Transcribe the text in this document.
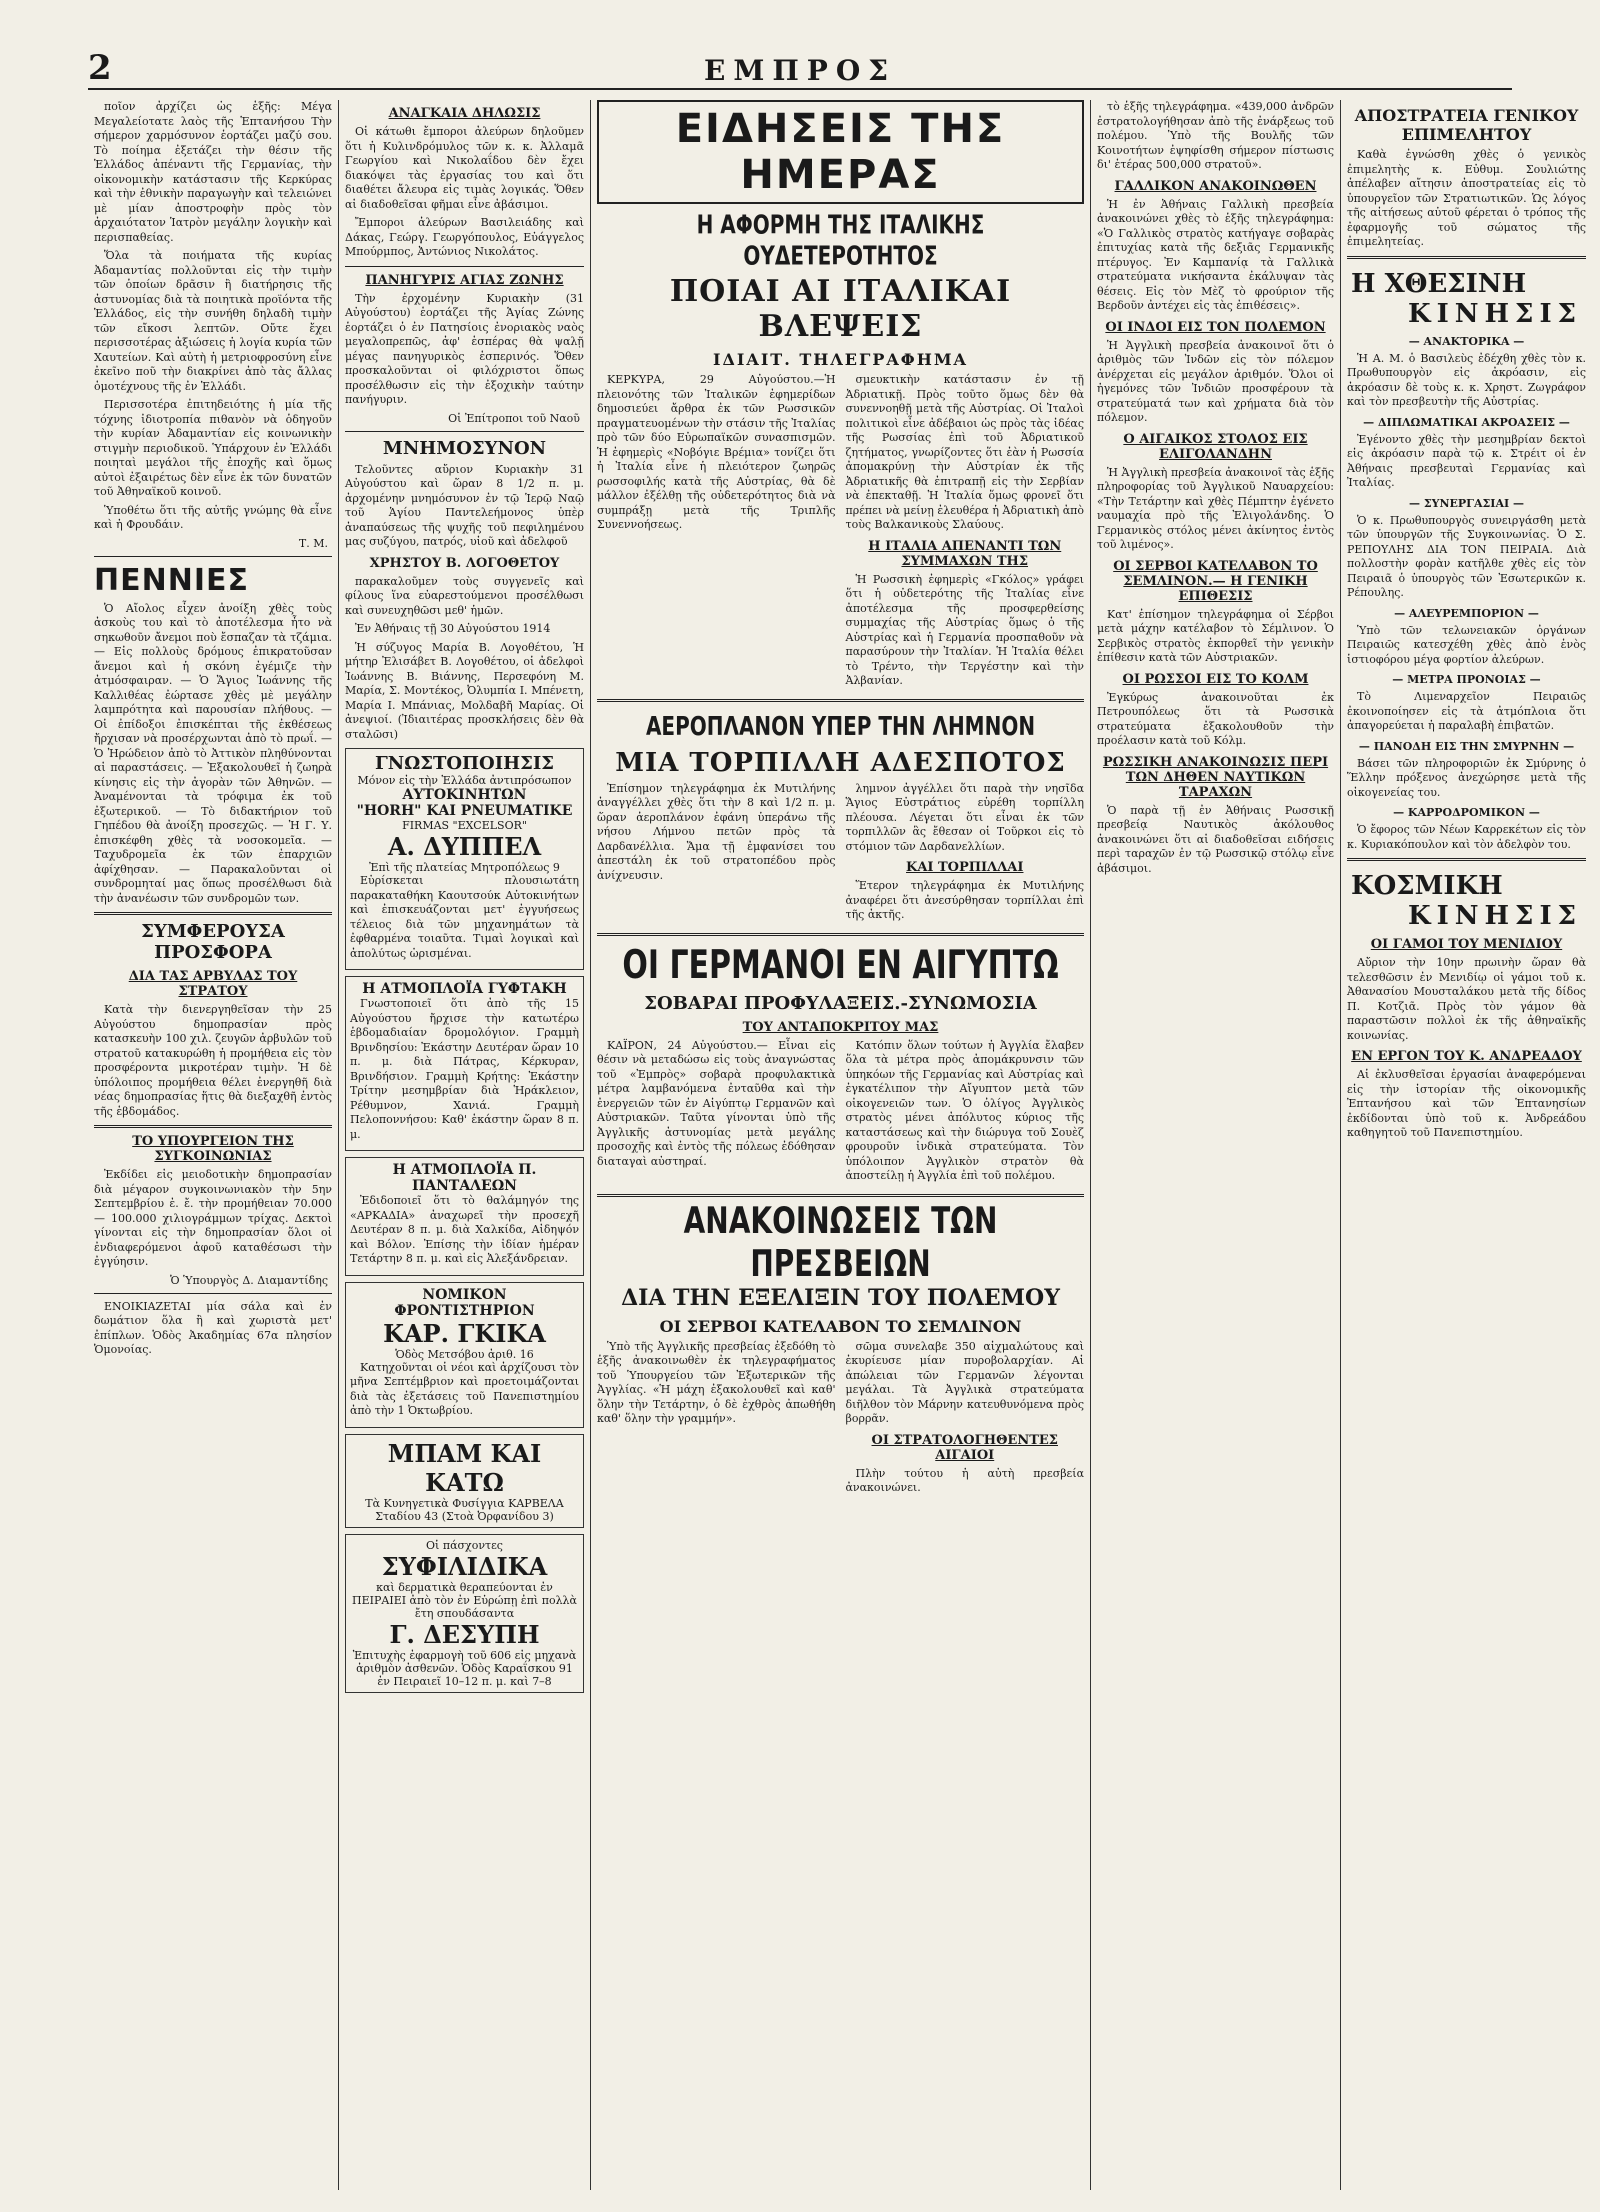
2	ΕΜΠΡΟΣ

ποῖον ἀρχίζει ὡς ἑξῆς: Μέγα Μεγαλείοτατε λαὸς τῆς Ἑπτανήσου Τὴν σήμερον χαρμόσυνον ἑορτάζει μαζύ σου. Τὸ ποίημα ἐξετάζει τὴν θέσιν τῆς Ἑλλάδος ἀπέναντι τῆς Γερμανίας, τὴν οἰκονομικὴν κατάστασιν τῆς Κερκύρας καὶ τὴν ἐθνικὴν παραγωγὴν καὶ τελειώνει μὲ μίαν ἀποστροφὴν πρὸς τὸν ἀρχαιότατον Ἱατρὸν μεγάλην λογικὴν καὶ περισπαθείας.

Ὅλα τὰ ποιήματα τῆς κυρίας Ἀδαμαντίας πολλοῦνται εἰς τὴν τιμὴν τῶν ὁποίων δρᾶσιν ἢ διατήρησις τῆς ἀστυνομίας διὰ τὰ ποιητικὰ προϊόντα τῆς Ἑλλάδος, εἰς τὴν συνήθη δηλαδὴ τιμὴν τῶν εἴκοσι λεπτῶν. Οὔτε ἔχει περισσοτέρας ἀξιώσεις ἡ λογία κυρία τῶν Χαυτείων. Καὶ αὐτὴ ἡ μετριοφροσύνη εἶνε ἐκεῖνο ποῦ τὴν διακρίνει ἀπὸ τὰς ἄλλας ὁμοτέχνους τῆς ἐν Ἑλλάδι.

Περισσοτέρα ἐπιτηδειότης ἡ μία τῆς τόχνης ἰδιοτροπία πιθανὸν νὰ ὁδηγοῦν τὴν κυρίαν Ἀδαμαντίαν εἰς κοινωνικὴν στιγμὴν περιοδικοῦ. Ὑπάρχουν ἐν Ἑλλάδι ποιηταὶ μεγάλοι τῆς ἐποχῆς καὶ ὅμως αὐτοὶ ἐξαιρέτως δὲν εἶνε ἐκ τῶν δυνατῶν τοῦ Ἀθηναϊκοῦ κοινοῦ.

Ὑποθέτω ὅτι τῆς αὐτῆς γνώμης θὰ εἶνε καὶ ἡ Φρουδάιν.

Τ. Μ.
ΠΕΝΝΙΕΣ

Ὁ Αἴολος εἶχεν ἀνοίξη χθὲς τοὺς ἀσκοὺς του καὶ τὸ ἀποτέλεσμα ἦτο νὰ σηκωθοῦν ἄνεμοι ποὺ ἔσπαζαν τὰ τζάμια. — Εἰς πολλοὺς δρόμους ἐπικρατοῦσαν ἄνεμοι καὶ ἡ σκόνη ἐγέμιζε τὴν ἀτμόσφαιραν. — Ὁ Ἅγιος Ἰωάννης τῆς Καλλιθέας ἐώρτασε χθὲς μὲ μεγάλην λαμπρότητα καὶ παρουσίαν πλήθους. — Οἱ ἐπίδοξοι ἐπισκέπται τῆς ἐκθέσεως ἤρχισαν νὰ προσέρχωνται ἀπὸ τὸ πρωΐ. — Ὁ Ἡρώδειον ἀπὸ τὸ Ἀττικὸν πληθύνονται αἱ παραστάσεις. — Ἐξακολουθεῖ ἡ ζωηρὰ κίνησις εἰς τὴν ἀγορὰν τῶν Ἀθηνῶν. — Ἀναμένονται τὰ τρόφιμα ἐκ τοῦ ἐξωτερικοῦ. — Τὸ διδακτήριον τοῦ Γηπέδου θὰ ἀνοίξη προσεχῶς. — Ἡ Γ. Υ. ἐπισκέφθη χθὲς τὰ νοσοκομεῖα. — Ταχυδρομεῖα ἐκ τῶν ἐπαρχιῶν ἀφίχθησαν. — Παρακαλοῦνται οἱ συνδρομηταί μας ὅπως προσέλθωσι διὰ τὴν ἀνανέωσιν τῶν συνδρομῶν των.

ΣΥΜΦΕΡΟΥΣΑ ΠΡΟΣΦΟΡΑ
ΔΙΑ ΤΑΣ ΑΡΒΥΛΑΣ ΤΟΥ ΣΤΡΑΤΟΥ

Κατὰ τὴν διενεργηθεῖσαν τὴν 25 Αὐγούστου δημοπρασίαν πρὸς κατασκευὴν 100 χιλ. ζευγῶν ἀρβυλῶν τοῦ στρατοῦ κατακυρώθη ἡ προμήθεια εἰς τὸν προσφέροντα μικροτέραν τιμὴν. Ἡ δὲ ὑπόλοιπος προμήθεια θέλει ἐνεργηθῆ διὰ νέας δημοπρασίας ἥτις θὰ διεξαχθῆ ἐντὸς τῆς ἑβδομάδος.

ΤΟ ΥΠΟΥΡΓΕΙΟΝ ΤΗΣ ΣΥΓΚΟΙΝΩΝΙΑΣ

Ἐκδίδει εἰς μειοδοτικὴν δημοπρασίαν διὰ μέγαρον συγκοινωνιακὸν τὴν 5ην Σεπτεμβρίου ἐ. ἔ. τὴν προμήθειαν 70.000 — 100.000 χιλιογράμμων τρίχας. Δεκτοὶ γίνονται εἰς τὴν δημοπρασίαν ὅλοι οἱ ἐνδιαφερόμενοι ἀφοῦ καταθέσωσι τὴν ἐγγύησιν.

Ὁ Ὑπουργὸς Δ. Διαμαντίδης

ΕΝΟΙΚΙΑΖΕΤΑΙ μία σάλα καὶ ἐν δωμάτιον ὅλα ἢ καὶ χωριστὰ μετ' ἐπίπλων. Ὁδὸς Ἀκαδημίας 67α πλησίον Ὁμονοίας.

ΑΝΑΓΚΑΙΑ ΔΗΛΩΣΙΣ

Οἱ κάτωθι ἔμποροι ἀλεύρων δηλοῦμεν ὅτι ἡ Κυλινδρόμυλος τῶν κ. κ. Ἀλλαμᾶ Γεωργίου καὶ Νικολαΐδου δὲν ἔχει διακόψει τὰς ἐργασίας του καὶ ὅτι διαθέτει ἄλευρα εἰς τιμὰς λογικάς. Ὅθεν αἱ διαδοθεῖσαι φῆμαι εἶνε ἀβάσιμοι.

Ἔμποροι ἀλεύρων Βασιλειάδης καὶ Δάκας, Γεώργ. Γεωργόπουλος, Εὐάγγελος Μπούρμπος, Ἀντώνιος Νικολάτος.

ΠΑΝΗΓΥΡΙΣ ΑΓΙΑΣ ΖΩΝΗΣ

Τὴν ἐρχομένην Κυριακὴν (31 Αὐγούστου) ἑορτάζει τῆς Ἁγίας Ζώνης ἑορτάζει ὁ ἐν Πατησίοις ἐνοριακὸς ναὸς μεγαλοπρεπῶς, ἀφ' ἑσπέρας θὰ ψαλῇ μέγας πανηγυρικὸς ἑσπερινός. Ὅθεν προσκαλοῦνται οἱ φιλόχριστοι ὅπως προσέλθωσιν εἰς τὴν ἐξοχικὴν ταύτην πανήγυριν.

Οἱ Ἐπίτροποι τοῦ Ναοῦ
ΜΝΗΜΟΣΥΝΟΝ

Τελοῦντες αὔριον Κυριακὴν 31 Αὐγούστου καὶ ὥραν 8 1/2 π. μ. ἀρχομένην μνημόσυνον ἐν τῷ Ἱερῷ Ναῷ τοῦ Ἁγίου Παντελεήμονος ὑπὲρ ἀναπαύσεως τῆς ψυχῆς τοῦ πεφιλημένου μας συζύγου, πατρός, υἱοῦ καὶ ἀδελφοῦ

ΧΡΗΣΤΟΥ Β. ΛΟΓΟΘΕΤΟΥ

παρακαλοῦμεν τοὺς συγγενεῖς καὶ φίλους ἵνα εὐαρεστούμενοι προσέλθωσι καὶ συνευχηθῶσι μεθ' ἡμῶν.

Ἐν Ἀθήναις τῇ 30 Αὐγούστου 1914

Ἡ σύζυγος Μαρία Β. Λογοθέτου, Ἡ μήτηρ Ἐλισάβετ Β. Λογοθέτου, οἱ ἀδελφοὶ Ἰωάννης Β. Βιάννης, Περσεφόνη Μ. Μαρία, Σ. Μοντέκος, Ὀλυμπία Ι. Μπένετη, Μαρία Ι. Μπάνιας, Μολδαβῆ Μαρίας. Οἱ ἀνεψιοί. (Ἰδιαιτέρας προσκλήσεις δὲν θὰ σταλῶσι)

ΓΝΩΣΤΟΠΟΙΗΣΙΣ
Μόνον εἰς τὴν Ἑλλάδα ἀντιπρόσωπον
ΑΥΤΟΚΙΝΗΤΩΝ
"HORH" ΚΑΙ PNEUMATIKE
FIRMAS "EXCELSOR"
Α. ΔΥΠΠΕΛ
Ἐπὶ τῆς πλατείας Μητροπόλεως 9

Εὑρίσκεται πλουσιωτάτη παρακαταθήκη Καουτσούκ Αὐτοκινήτων καὶ ἐπισκευάζονται μετ' ἐγγυήσεως τέλειος διὰ τῶν μηχανημάτων τὰ ἐφθαρμένα τοιαῦτα. Τιμαὶ λογικαὶ καὶ ἀπολύτως ὡρισμέναι.

Η ΑΤΜΟΠΛΟΪΑ ΓΥΦΤΑΚΗ

Γνωστοποιεῖ ὅτι ἀπὸ τῆς 15 Αὐγούστου ἤρχισε τὴν κατωτέρω ἑβδομαδιαίαν δρομολόγιον. Γραμμὴ Βρινδησίου: Ἐκάστην Δευτέραν ὥραν 10 π. μ. διὰ Πάτρας, Κέρκυραν, Βρινδήσιον. Γραμμὴ Κρήτης: Ἑκάστην Τρίτην μεσημβρίαν διὰ Ἡράκλειον, Ρέθυμνον, Χανιά. Γραμμὴ Πελοποννήσου: Καθ' ἑκάστην ὥραν 8 π. μ.

Η ΑΤΜΟΠΛΟΪΑ Π. ΠΑΝΤΑΛΕΩΝ

Ἐδιδοποιεῖ ὅτι τὸ θαλάμηγόν της «ΑΡΚΑΔΙΑ» ἀναχωρεῖ τὴν προσεχῆ Δευτέραν 8 π. μ. διὰ Χαλκίδα, Αἰδηψόν καὶ Βόλον. Ἐπίσης τὴν ἰδίαν ἡμέραν Τετάρτην 8 π. μ. καὶ εἰς Ἀλεξάνδρειαν.

ΝΟΜΙΚΟΝ ΦΡΟΝΤΙΣΤΗΡΙΟΝ
ΚΑΡ. ΓΚΙΚΑ
Ὁδὸς Μετσόβου ἀριθ. 16

Κατηχοῦνται οἱ νέοι καὶ ἀρχίζουσι τὸν μῆνα Σεπτέμβριον καὶ προετοιμάζονται διὰ τὰς ἐξετάσεις τοῦ Πανεπιστημίου ἀπὸ τὴν 1 Ὀκτωβρίου.

ΜΠΑΜ ΚΑΙ ΚΑΤΩ
Τὰ Κυνηγετικὰ Φυσίγγια ΚΑΡΒΕΛΑ
Σταδίου 43 (Στοὰ Ὀρφανίδου 3)
Οἱ πάσχοντες
ΣΥΦΙΛΙΔΙΚΑ
καὶ δερματικὰ θεραπεύονται ἐν ΠΕΙΡΑΙΕΙ ἀπὸ τὸν ἐν Εὐρώπῃ ἐπὶ πολλὰ ἔτη σπουδάσαντα
Γ. ΔΕΣΥΠΗ
Ἐπιτυχὴς ἐφαρμογὴ τοῦ 606 εἰς μηχανὰ ἀριθμὸν ἀσθενῶν. Ὁδὸς Καραΐσκου 91 ἐν Πειραιεῖ 10–12 π. μ. καὶ 7–8
ΕΙΔΗΣΕΙΣ ΤΗΣ ΗΜΕΡΑΣ
Η ΑΦΟΡΜΗ ΤΗΣ ΙΤΑΛΙΚΗΣ ΟΥΔΕΤΕΡΟΤΗΤΟΣ
ΠΟΙΑΙ ΑΙ ΙΤΑΛΙΚΑΙ ΒΛΕΨΕΙΣ
ΙΔΙΑΙΤ. ΤΗΛΕΓΡΑΦΗΜΑ

ΚΕΡΚΥΡΑ, 29 Αὐγούστου.—Ἡ πλειονότης τῶν Ἰταλικῶν ἐφημερίδων δημοσιεύει ἄρθρα ἐκ τῶν Ρωσσικῶν πραγματευομένων τὴν στάσιν τῆς Ἰταλίας πρὸ τῶν δύο Εὐρωπαϊκῶν συνασπισμῶν. Ἡ ἐφημερὶς «Νοβόγιε Βρέμια» τονίζει ὅτι ἡ Ἰταλία εἶνε ἡ πλειότερον ζωηρῶς ρωσσοφιλής κατὰ τῆς Αὐστρίας, θὰ δὲ μάλλον ἐξέλθῃ τῆς οὐδετερότητος διὰ νὰ συμπράξῃ μετὰ τῆς Τριπλῆς Συνεννοήσεως.

σμευκτικὴν κατάστασιν ἐν τῇ Ἀδριατικῇ. Πρὸς τοῦτο ὅμως δὲν θὰ συνεννοηθῇ μετὰ τῆς Αὐστρίας. Οἱ Ἰταλοὶ πολιτικοὶ εἶνε ἀδέβαιοι ὡς πρὸς τὰς ἰδέας τῆς Ρωσσίας ἐπὶ τοῦ Ἀδριατικοῦ ζητήματος, γνωρίζοντες ὅτι ἐὰν ἡ Ρωσσία ἀπομακρύνῃ τὴν Αὐστρίαν ἐκ τῆς Ἀδριατικῆς θὰ ἐπιτραπῇ εἰς τὴν Σερβίαν νὰ ἐπεκταθῇ. Ἡ Ἰταλία ὅμως φρονεῖ ὅτι πρέπει νὰ μείνῃ ἐλευθέρα ἡ Ἀδριατικὴ ἀπὸ τοὺς Βαλκανικοὺς Σλαύους.

Η ΙΤΑΛΙΑ ΑΠΕΝΑΝΤΙ ΤΩΝ ΣΥΜΜΑΧΩΝ ΤΗΣ

Ἡ Ρωσσικὴ ἐφημερὶς «Γκόλος» γράφει ὅτι ἡ οὐδετερότης τῆς Ἰταλίας εἶνε ἀποτέλεσμα τῆς προσφερθείσης συμμαχίας τῆς Αὐστρίας ὅμως ὁ τῆς Αὐστρίας καὶ ἡ Γερμανία προσπαθοῦν νὰ παρασύρουν τὴν Ἰταλίαν. Ἡ Ἰταλία θέλει τὸ Τρέντο, τὴν Τεργέστην καὶ τὴν Ἀλβανίαν.

ΑΕΡΟΠΛΑΝΟΝ ΥΠΕΡ ΤΗΝ ΛΗΜΝΟΝ
ΜΙΑ ΤΟΡΠΙΛΛΗ ΑΔΕΣΠΟΤΟΣ

Ἐπίσημον τηλεγράφημα ἐκ Μυτιλήνης ἀναγγέλλει χθὲς ὅτι τὴν 8 καὶ 1/2 π. μ. ὥραν ἀεροπλάνον ἐφάνη ὑπεράνω τῆς νήσου Λήμνου πετῶν πρὸς τὰ Δαρδανέλλια. Ἅμα τῇ ἐμφανίσει του ἀπεστάλη ἐκ τοῦ στρατοπέδου πρὸς ἀνίχνευσιν.

λημνον ἀγγέλλει ὅτι παρὰ τὴν νησῖδα Ἅγιος Εὐστράτιος εὑρέθη τορπίλλη πλέουσα. Λέγεται ὅτι εἶναι ἐκ τῶν τορπιλλῶν ἃς ἔθεσαν οἱ Τοῦρκοι εἰς τὸ στόμιον τῶν Δαρδανελλίων.

ΚΑΙ ΤΟΡΠΙΛΛΑΙ

Ἕτερον τηλεγράφημα ἐκ Μυτιλήνης ἀναφέρει ὅτι ἀνεσύρθησαν τορπίλλαι ἐπὶ τῆς ἀκτῆς.

ΟΙ ΓΕΡΜΑΝΟΙ ΕΝ ΑΙΓΥΠΤΩ
ΣΟΒΑΡΑΙ ΠΡΟΦΥΛΑΞΕΙΣ.-ΣΥΝΩΜΟΣΙΑ
ΤΟΥ ΑΝΤΑΠΟΚΡΙΤΟΥ ΜΑΣ

ΚΑΪΡΟΝ, 24 Αὐγούστου.— Εἶναι εἰς θέσιν νὰ μεταδώσω εἰς τοὺς ἀναγνώστας τοῦ «Ἐμπρὸς» σοβαρὰ προφυλακτικὰ μέτρα λαμβανόμενα ἐνταῦθα καὶ τὴν ἐνεργειῶν τῶν ἐν Αἰγύπτῳ Γερμανῶν καὶ Αὐστριακῶν. Ταῦτα γίνονται ὑπὸ τῆς Ἀγγλικῆς ἀστυνομίας μετὰ μεγάλης προσοχῆς καὶ ἐντὸς τῆς πόλεως ἐδόθησαν διαταγαὶ αὐστηραί.

Κατόπιν ὅλων τούτων ἡ Ἀγγλία ἔλαβεν ὅλα τὰ μέτρα πρὸς ἀπομάκρυνσιν τῶν ὑπηκόων τῆς Γερμανίας καὶ Αὐστρίας καὶ ἐγκατέλιπον τὴν Αἴγυπτον μετὰ τῶν οἰκογενειῶν των. Ὁ ὀλίγος Ἀγγλικὸς στρατὸς μένει ἀπόλυτος κύριος τῆς καταστάσεως καὶ τὴν διώρυγα τοῦ Σουὲζ φρουροῦν ἰνδικὰ στρατεύματα. Τὸν ὑπόλοιπον Ἀγγλικὸν στρατὸν θὰ ἀποστείλῃ ἡ Ἀγγλία ἐπὶ τοῦ πολέμου.

ΑΝΑΚΟΙΝΩΣΕΙΣ ΤΩΝ ΠΡΕΣΒΕΙΩΝ
ΔΙΑ ΤΗΝ ΕΞΕΛΙΞΙΝ ΤΟΥ ΠΟΛΕΜΟΥ
ΟΙ ΣΕΡΒΟΙ ΚΑΤΕΛΑΒΟΝ ΤΟ ΣΕΜΛΙΝΟΝ

Ὑπὸ τῆς Ἀγγλικῆς πρεσβείας ἐξεδόθη τὸ ἑξῆς ἀνακοινωθὲν ἐκ τηλεγραφήματος τοῦ Ὑπουργείου τῶν Ἐξωτερικῶν τῆς Ἀγγλίας. «Ἡ μάχη ἐξακολουθεῖ καὶ καθ' ὅλην τὴν Τετάρτην, ὁ δὲ ἐχθρὸς ἀπωθήθη καθ' ὅλην τὴν γραμμήν».

σῶμα συνελαβε 350 αἰχμαλώτους καὶ ἐκυρίευσε μίαν πυροβολαρχίαν. Αἱ ἀπώλειαι τῶν Γερμανῶν λέγονται μεγάλαι. Τὰ Ἀγγλικὰ στρατεύματα διῆλθον τὸν Μάρνην κατευθυνόμενα πρὸς βορρᾶν.

ΟΙ ΣΤΡΑΤΟΛΟΓΗΘΕΝΤΕΣ ΑΙΓΑΙΟΙ

Πλὴν τούτου ἡ αὐτὴ πρεσβεία ἀνακοινώνει.

τὸ ἑξῆς τηλεγράφημα. «439,000 ἀνδρῶν ἐστρατολογήθησαν ἀπὸ τῆς ἐνάρξεως τοῦ πολέμου. Ὑπὸ τῆς Βουλῆς τῶν Κοινοτήτων ἐψηφίσθη σήμερον πίστωσις δι' ἑτέρας 500,000 στρατοῦ».

ΓΑΛΛΙΚΟΝ ΑΝΑΚΟΙΝΩΘΕΝ

Ἡ ἐν Ἀθήναις Γαλλικὴ πρεσβεία ἀνακοινώνει χθὲς τὸ ἑξῆς τηλεγράφημα: «Ὁ Γαλλικὸς στρατὸς κατήγαγε σοβαρὰς ἐπιτυχίας κατὰ τῆς δεξιᾶς Γερμανικῆς πτέρυγος. Ἐν Καμπανίᾳ τὰ Γαλλικὰ στρατεύματα νικήσαντα ἐκάλυψαν τὰς θέσεις. Εἰς τὸν Μὲζ τὸ φρούριον τῆς Βερδοῦν ἀντέχει εἰς τὰς ἐπιθέσεις».

ΟΙ ΙΝΔΟΙ ΕΙΣ ΤΟΝ ΠΟΛΕΜΟΝ

Ἡ Ἀγγλικὴ πρεσβεία ἀνακοινοῖ ὅτι ὁ ἀριθμὸς τῶν Ἰνδῶν εἰς τὸν πόλεμον ἀνέρχεται εἰς μεγάλον ἀριθμόν. Ὅλοι οἱ ἡγεμόνες τῶν Ἰνδιῶν προσφέρουν τὰ στρατεύματά των καὶ χρήματα διὰ τὸν πόλεμον.

Ο ΑΙΓΑΙΚΟΣ ΣΤΟΛΟΣ ΕΙΣ ΕΛΙΓΟΛΑΝΔΗΝ

Ἡ Ἀγγλικὴ πρεσβεία ἀνακοινοῖ τὰς ἑξῆς πληροφορίας τοῦ Ἀγγλικοῦ Ναυαρχείου: «Τὴν Τετάρτην καὶ χθὲς Πέμπτην ἐγένετο ναυμαχία πρὸ τῆς Ἐλιγολάνδης. Ὁ Γερμανικὸς στόλος μένει ἀκίνητος ἐντὸς τοῦ λιμένος».

ΟΙ ΣΕΡΒΟΙ ΚΑΤΕΛΑΒΟΝ ΤΟ ΣΕΜΛΙΝΟΝ.— Η ΓΕΝΙΚΗ ΕΠΙΘΕΣΙΣ

Κατ' ἐπίσημον τηλεγράφημα οἱ Σέρβοι μετὰ μάχην κατέλαβον τὸ Σέμλινον. Ὁ Σερβικὸς στρατὸς ἐκπορθεῖ τὴν γενικὴν ἐπίθεσιν κατὰ τῶν Αὐστριακῶν.

ΟΙ ΡΩΣΣΟΙ ΕΙΣ ΤΟ ΚΟΛΜ

Ἐγκύρως ἀνακοινοῦται ἐκ Πετρουπόλεως ὅτι τὰ Ρωσσικὰ στρατεύματα ἐξακολουθοῦν τὴν προέλασιν κατὰ τοῦ Κόλμ.

ΡΩΣΣΙΚΗ ΑΝΑΚΟΙΝΩΣΙΣ ΠΕΡΙ ΤΩΝ ΔΗΘΕΝ ΝΑΥΤΙΚΩΝ ΤΑΡΑΧΩΝ

Ὁ παρὰ τῇ ἐν Ἀθήναις Ρωσσικῇ πρεσβείᾳ Ναυτικὸς ἀκόλουθος ἀνακοινώνει ὅτι αἱ διαδοθεῖσαι ειδήσεις περὶ ταραχῶν ἐν τῷ Ρωσσικῷ στόλῳ εἶνε ἀβάσιμοι.

ΑΠΟΣΤΡΑΤΕΙΑ ΓΕΝΙΚΟΥ ΕΠΙΜΕΛΗΤΟΥ

Καθὰ ἐγνώσθη χθὲς ὁ γενικὸς ἐπιμελητὴς κ. Εὐθυμ. Σουλιώτης ἀπέλαβεν αἴτησιν ἀποστρατείας εἰς τὸ ὑπουργεῖον τῶν Στρατιωτικῶν. Ὡς λόγος τῆς αἰτήσεως αὐτοῦ φέρεται ὁ τρόπος τῆς ἐφαρμογῆς τοῦ σώματος τῆς ἐπιμελητείας.

Η ΧΘΕΣΙΝΗ
ΚΙΝΗΣΙΣ
— ΑΝΑΚΤΟΡΙΚΑ —

Ἡ Α. Μ. ὁ Βασιλεὺς ἐδέχθη χθὲς τὸν κ. Πρωθυπουργὸν εἰς ἀκρόασιν, εἰς ἀκρόασιν δὲ τοὺς κ. κ. Χρηστ. Ζωγράφον καὶ τὸν πρεσβευτὴν τῆς Αὐστρίας.

— ΔΙΠΛΩΜΑΤΙΚΑΙ ΑΚΡΟΑΣΕΙΣ —

Ἐγένοντο χθὲς τὴν μεσημβρίαν δεκτοὶ εἰς ἀκρόασιν παρὰ τῷ κ. Στρέιτ οἱ ἐν Ἀθήναις πρεσβευταὶ Γερμανίας καὶ Ἰταλίας.

— ΣΥΝΕΡΓΑΣΙΑΙ —

Ὁ κ. Πρωθυπουργὸς συνειργάσθη μετὰ τῶν ὑπουργῶν τῆς Συγκοινωνίας. Ὁ Σ. ΡΕΠΟΥΛΗΣ ΔΙΑ ΤΟΝ ΠΕΙΡΑΙΑ. Διὰ πολλοστὴν φορὰν κατῆλθε χθὲς εἰς τὸν Πειραιᾶ ὁ ὑπουργὸς τῶν Ἐσωτερικῶν κ. Ρέπουλης.

— ΑΛΕΥΡΕΜΠΟΡΙΟΝ —

Ὑπὸ τῶν τελωνειακῶν ὀργάνων Πειραιῶς κατεσχέθη χθὲς ἀπὸ ἑνὸς ἱστιοφόρου μέγα φορτίον ἀλεύρων.

— ΜΕΤΡΑ ΠΡΟΝΟΙΑΣ —

Τὸ Λιμεναρχεῖον Πειραιῶς ἐκοινοποίησεν εἰς τὰ ἀτμόπλοια ὅτι ἀπαγορεύεται ἡ παραλαβὴ ἐπιβατῶν.

— ΠΑΝΟΔΗ ΕΙΣ ΤΗΝ ΣΜΥΡΝΗΝ —

Βάσει τῶν πληροφοριῶν ἐκ Σμύρνης ὁ Ἕλλην πρόξενος ἀνεχώρησε μετὰ τῆς οἰκογενείας του.

— ΚΑΡΡΟΔΡΟΜΙΚΟΝ —

Ὁ ἔφορος τῶν Νέων Καρρεκέτων εἰς τὸν κ. Κυριακόπουλον καὶ τὸν ἀδελφὸν του.

ΚΟΣΜΙΚΗ
ΚΙΝΗΣΙΣ
ΟΙ ΓΑΜΟΙ ΤΟΥ ΜΕΝΙΔΙΟΥ

Αὔριον τὴν 10ην πρωινὴν ὥραν θὰ τελεσθῶσιν ἐν Μενιδίῳ οἱ γάμοι τοῦ κ. Ἀθανασίου Μουσταλάκου μετὰ τῆς δίδος Π. Κοτζιᾶ. Πρὸς τὸν γάμον θὰ παραστῶσιν πολλοὶ ἐκ τῆς ἀθηναϊκῆς κοινωνίας.

ΕΝ ΕΡΓΟΝ ΤΟΥ Κ. ΑΝΔΡΕΑΔΟΥ

Αἱ ἐκλυσθεῖσαι ἐργασίαι ἀναφερόμεναι εἰς τὴν ἱστορίαν τῆς οἰκονομικῆς Ἐπτανήσου καὶ τῶν Ἑπτανησίων ἐκδίδονται ὑπὸ τοῦ κ. Ἀνδρεάδου καθηγητοῦ τοῦ Πανεπιστημίου.
